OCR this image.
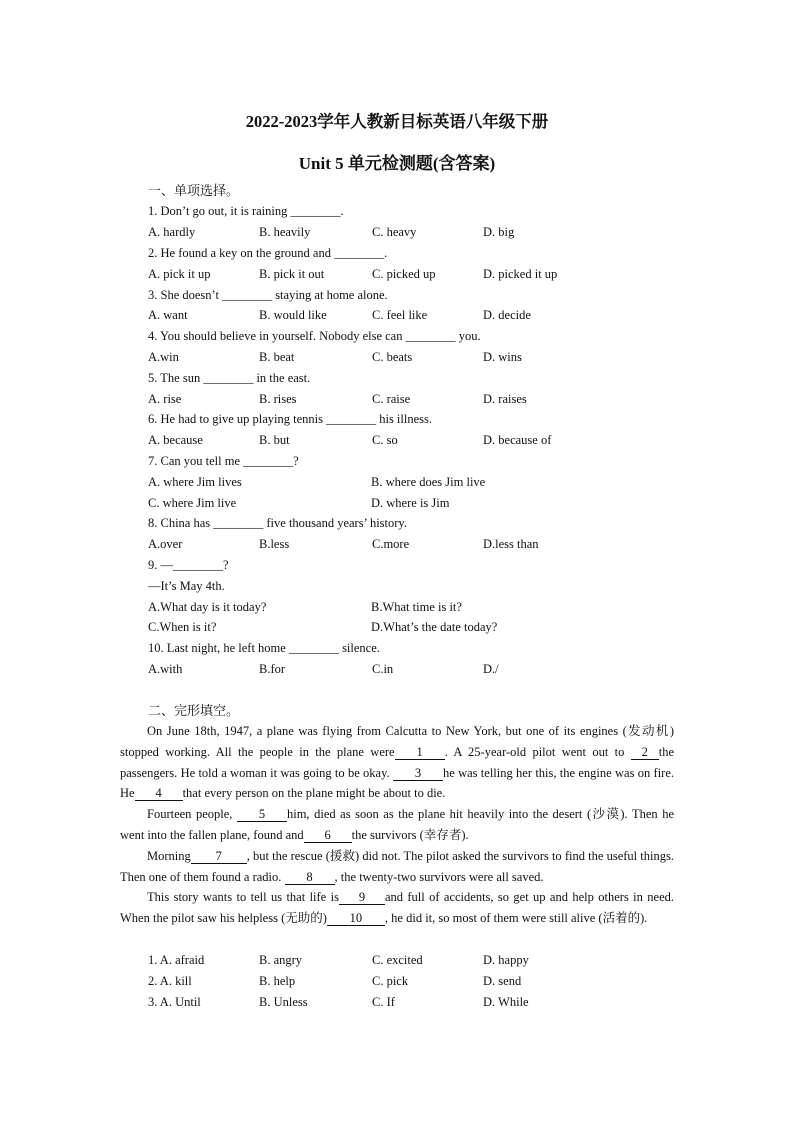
2022-2023学年人教新目标英语八年级下册
Unit 5 单元检测题(含答案)
一、单项选择。
1. Don’t go out, it is raining ________.
A. hardly	B. heavily	C. heavy	D. big
2. He found a key on the ground and ________.
A. pick it up	B. pick it out	C. picked up	D. picked it up
3. She doesn’t ________ staying at home alone.
A. want	B. would like	C. feel like	D. decide
4. You should believe in yourself. Nobody else can ________ you.
A.win	B. beat	C. beats	D. wins
5. The sun ________ in the east.
A. rise	B. rises	C. raise	D. raises
6. He had to give up playing tennis ________ his illness.
A. because	B. but	C. so	D. because of
7. Can you tell me ________?
A. where Jim lives	B. where does Jim live
C. where Jim live	D. where is Jim
8. China has ________ five thousand years’ history.
A.over	B.less	C.more	D.less than
9. —________?
—It’s May 4th.
A.What day is it today?	B.What time is it?
C.When is it?	D.What’s the date today?
10. Last night, he left home ________ silence.
A.with	B.for	C.in	D./
二、完形填空。
On June 18th, 1947, a plane was flying from Calcutta to New York, but one of its engines (发动机) stopped working. All the people in the plane were 1 . A 25-year-old pilot went out to 2 the passengers. He told a woman it was going to be okay. 3 he was telling her this, the engine was on fire. He 4 that every person on the plane might be about to die.
Fourteen people, 5 him, died as soon as the plane hit heavily into the desert (沙漠). Then he went into the fallen plane, found and 6 the survivors (幸存者).
Morning 7 , but the rescue (援救) did not. The pilot asked the survivors to find the useful things. Then one of them found a radio. 8 , the twenty-two survivors were all saved.
This story wants to tell us that life is 9 and full of accidents, so get up and help others in need. When the pilot saw his helpless (无助的) 10 , he did it, so most of them were still alive (活着的).
1. A. afraid	B. angry	C. excited	D. happy
2. A. kill	B. help	C. pick	D. send
3. A. Until	B. Unless	C. If	D. While
